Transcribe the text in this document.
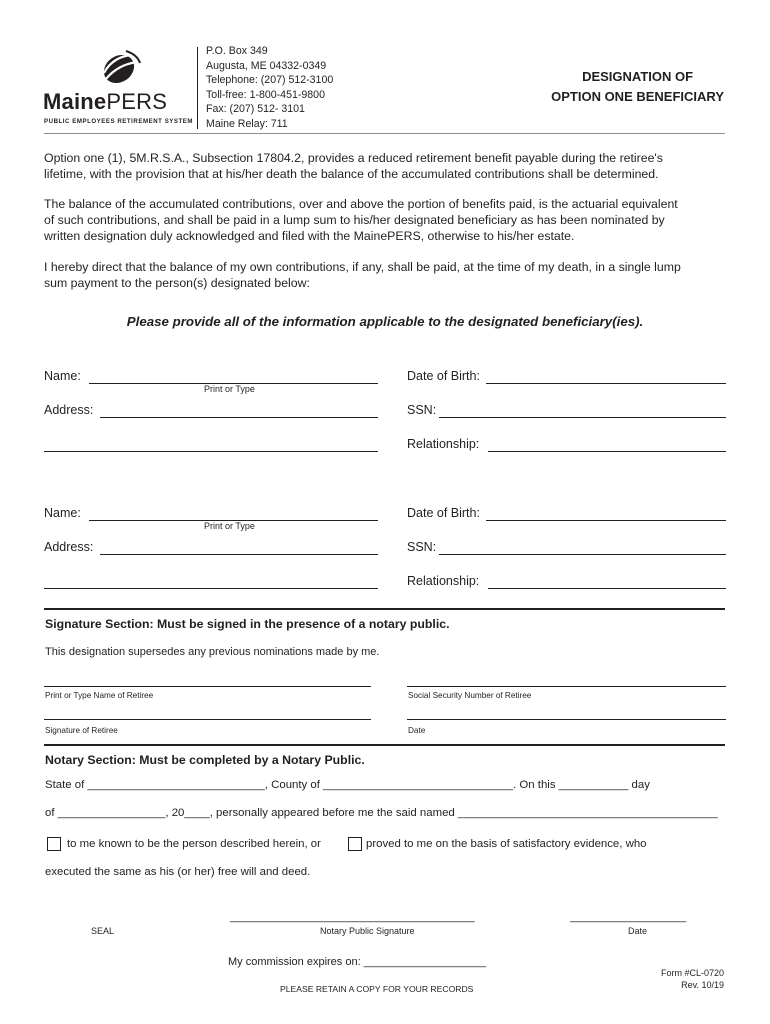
MainePERS
PUBLIC EMPLOYEES RETIREMENT SYSTEM
P.O. Box 349
Augusta, ME 04332-0349
Telephone: (207) 512-3100
Toll-free: 1-800-451-9800
Fax: (207) 512- 3101
Maine Relay: 711
DESIGNATION OF
OPTION ONE BENEFICIARY
Option one (1), 5M.R.S.A., Subsection 17804.2, provides a reduced retirement benefit payable during the retiree's
lifetime, with the provision that at his/her death the balance of the accumulated contributions shall be determined.
The balance of the accumulated contributions, over and above the portion of benefits paid, is the actuarial equivalent
of such contributions, and shall be paid in a lump sum to his/her designated beneficiary as has been nominated by
written designation duly acknowledged and filed with the MainePERS, otherwise to his/her estate.
I hereby direct that the balance of my own contributions, if any, shall be paid, at the time of my death, in a single lump
sum payment to the person(s) designated below:
Please provide all of the information applicable to the designated beneficiary(ies).
Name:
Print or Type
Address:
Date of Birth:
SSN:
Relationship:
Name:
Print or Type
Address:
Date of Birth:
SSN:
Relationship:
Signature Section: Must be signed in the presence of a notary public.
This designation supersedes any previous nominations made by me.
Print or Type Name of Retiree	Social Security Number of Retiree
Signature of Retiree	Date
Notary Section: Must be completed by a Notary Public.
State of ____________________________, County of ______________________________. On this ___________ day
of _________________, 20____, personally appeared before me the said named _________________________________________
to me known to be the person described herein, or	proved to me on the basis of satisfactory evidence, who
executed the same as his (or her) free will and deed.
________________________________________	___________________
SEAL	Notary Public Signature	Date
My commission expires on: ____________________
PLEASE RETAIN A COPY FOR YOUR RECORDS
Form #CL-0720
Rev. 10/19
